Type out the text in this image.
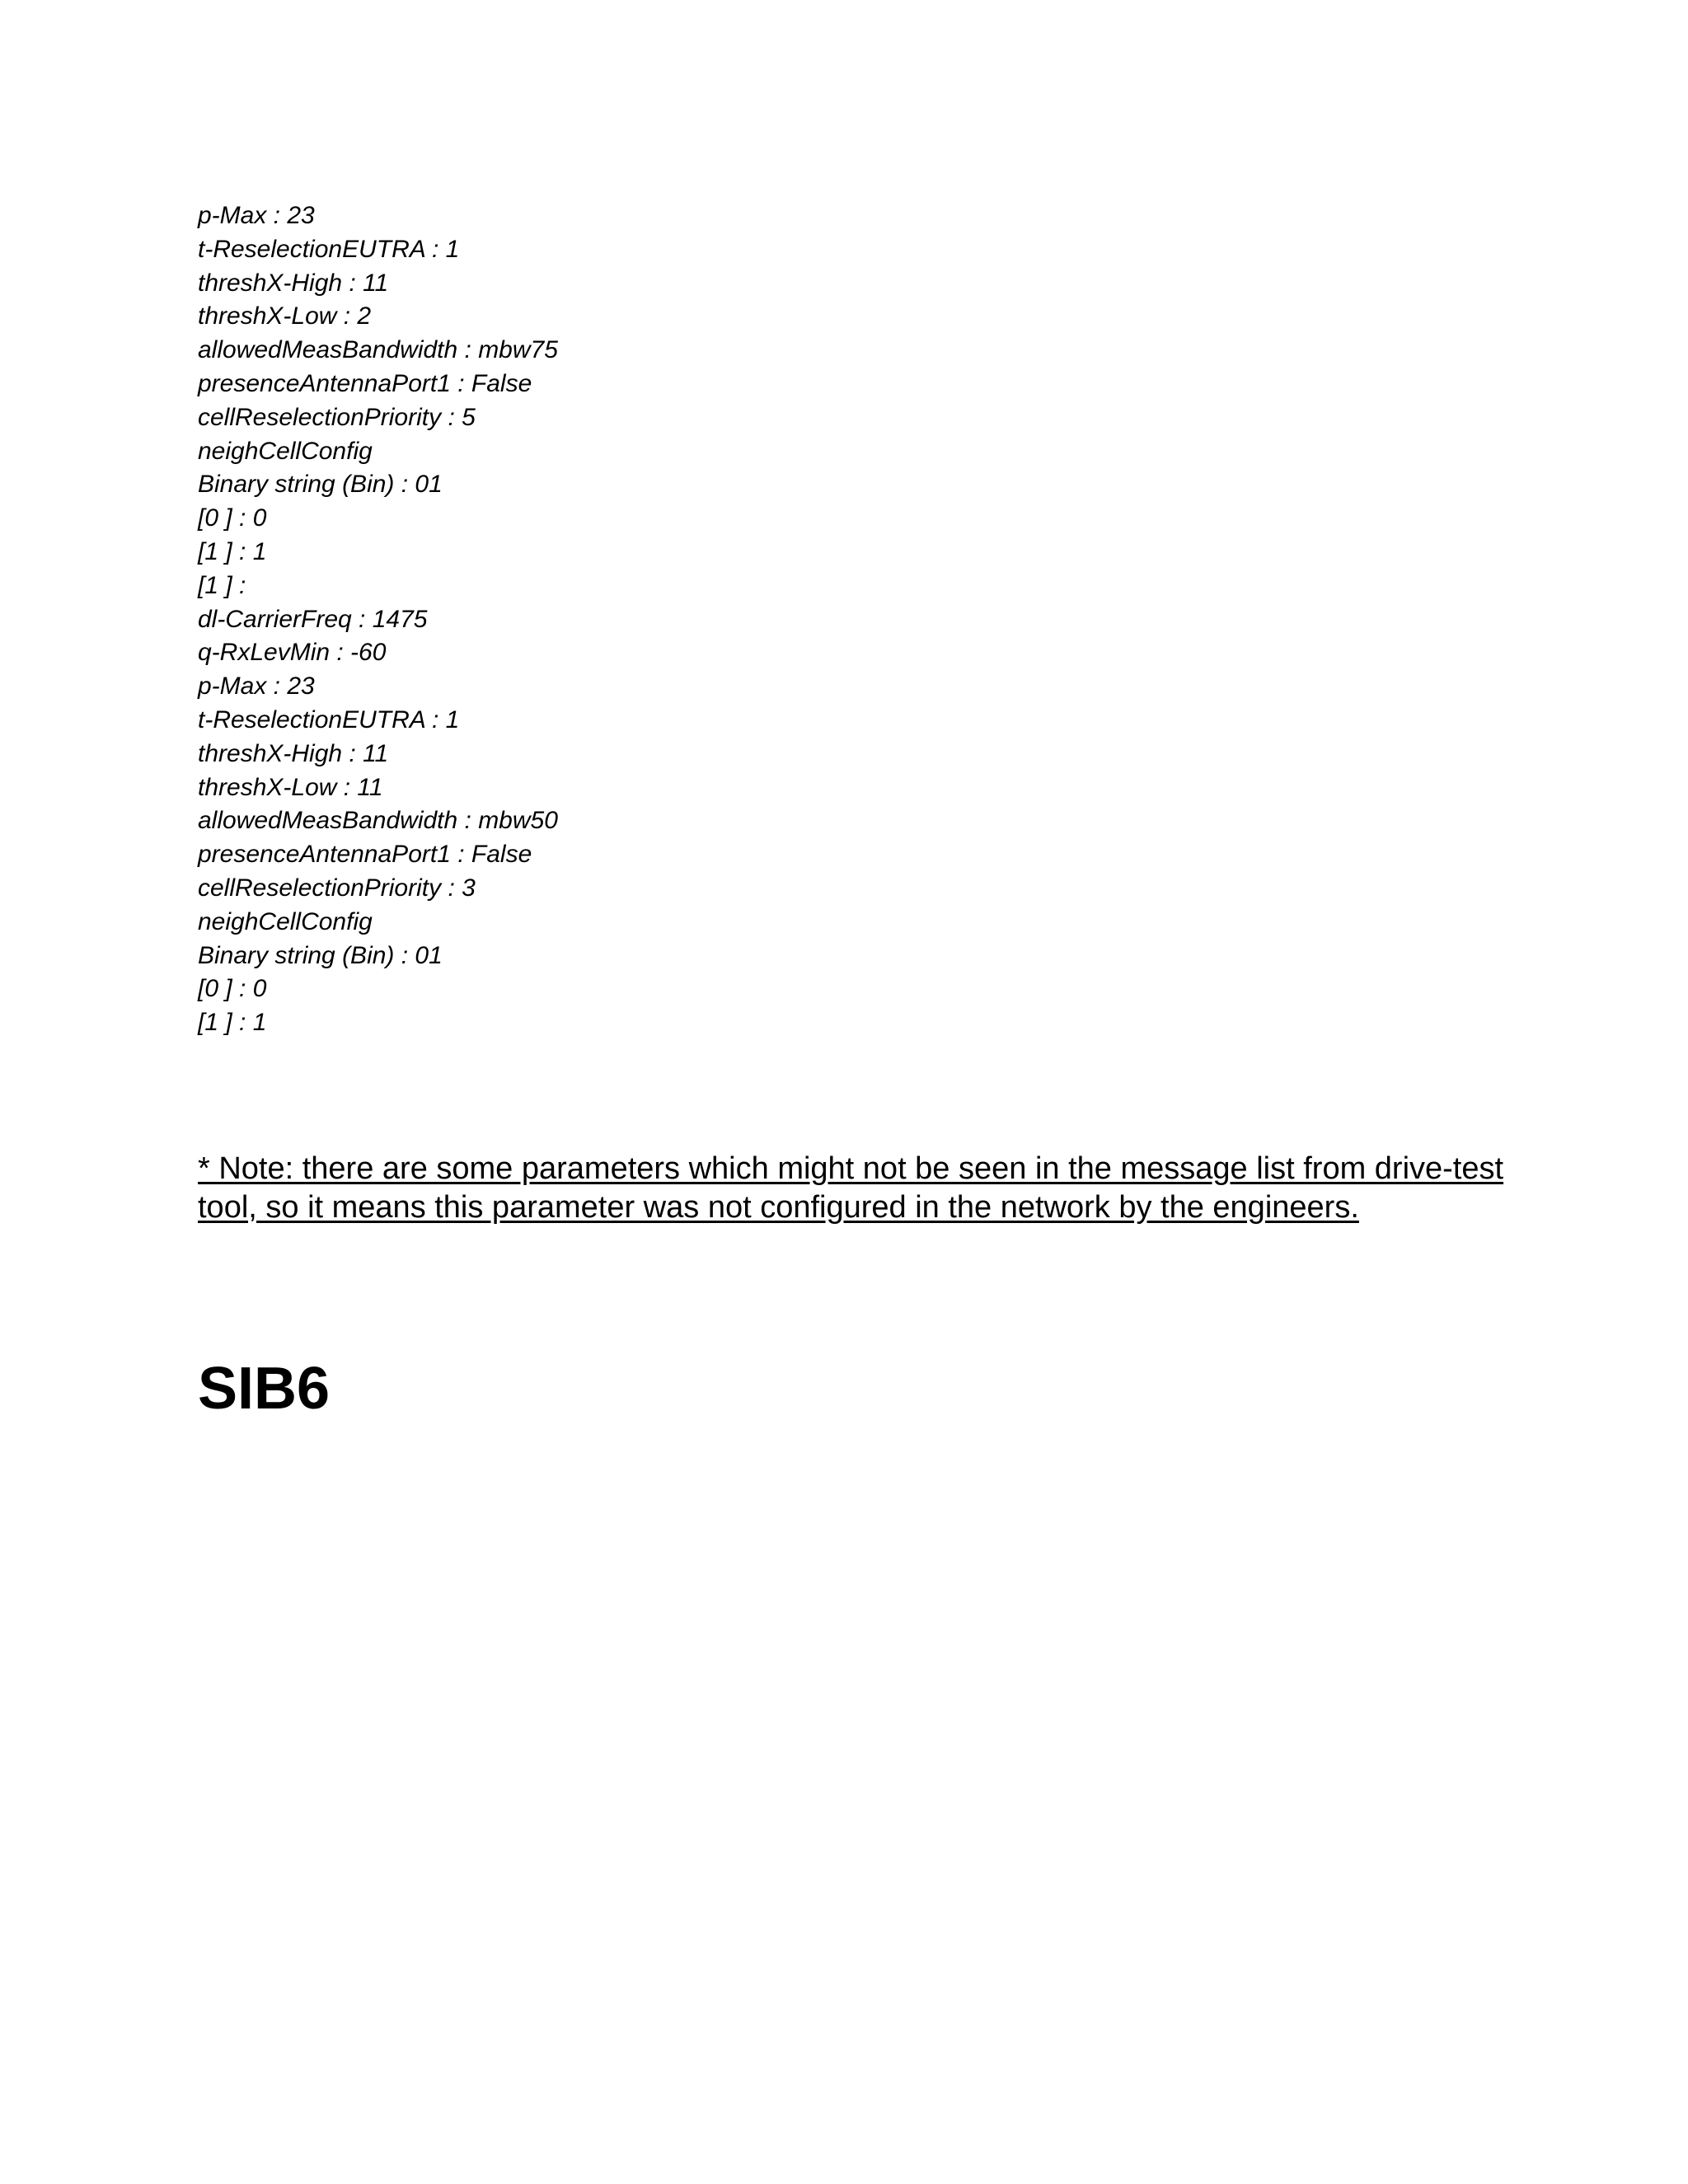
p-Max : 23
t-ReselectionEUTRA : 1
threshX-High : 11
threshX-Low : 2
allowedMeasBandwidth : mbw75
presenceAntennaPort1 : False
cellReselectionPriority : 5
neighCellConfig
Binary string (Bin) : 01
[0 ] : 0
[1 ] : 1
[1 ] :
dl-CarrierFreq : 1475
q-RxLevMin : -60
p-Max : 23
t-ReselectionEUTRA : 1
threshX-High : 11
threshX-Low : 11
allowedMeasBandwidth : mbw50
presenceAntennaPort1 : False
cellReselectionPriority : 3
neighCellConfig
Binary string (Bin) : 01
[0 ] : 0
[1 ] : 1

* Note: there are some parameters which might not be seen in the message list from drive-test tool, so it means this parameter was not configured in the network by the engineers.

SIB6
